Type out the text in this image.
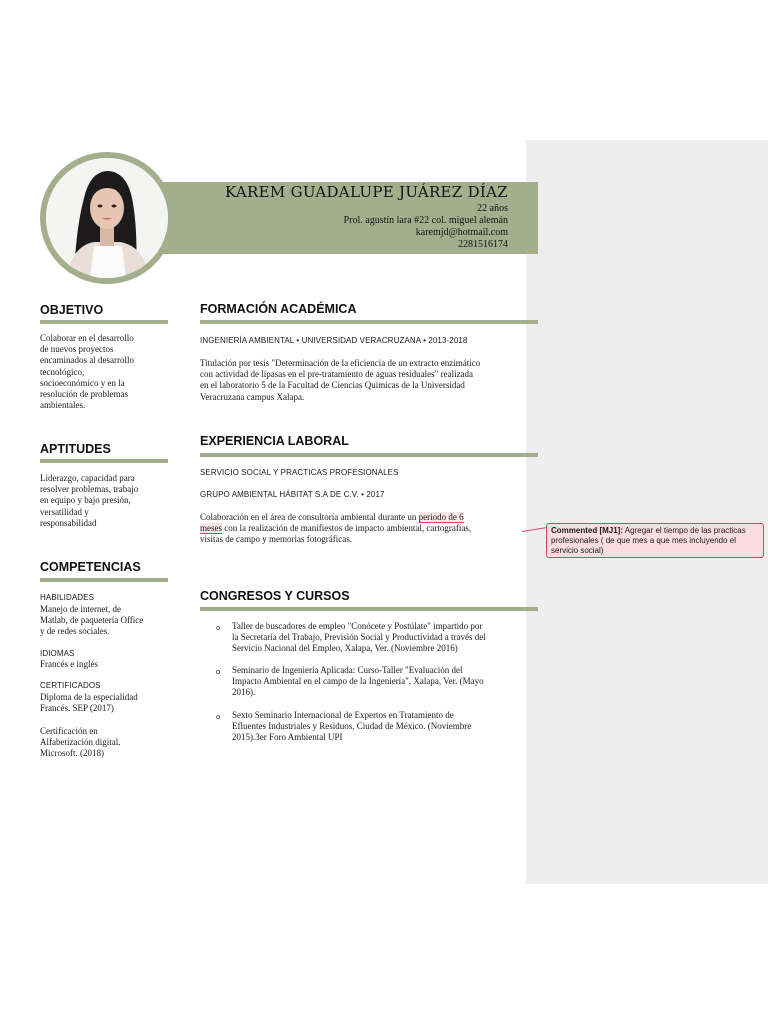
KAREM GUADALUPE JUÁREZ DÍAZ
22 años
Prol. agustín lara #22 col. miguel alemán
karemjd@hotmail.com
2281516174
OBJETIVO
Colaborar en el desarrollo
de nuevos proyectos
encaminados al desarrollo
tecnológico,
socioeconómico y en la
resolución de problemas
ambientales.
APTITUDES
Liderazgo, capacidad para
resolver problemas, trabajo
en equipo y bajo presión,
versatilidad y
responsabilidad
COMPETENCIAS
HABILIDADES
Manejo de internet, de
Matlab, de paquetería Office
y de redes sociales.
IDIOMAS
Francés e inglés
CERTIFICADOS
Diploma de la especialidad
Francés. SEP (2017)
Certificación en
Alfabetización digital.
Microsoft. (2018)
FORMACIÓN ACADÉMICA
INGENIERÍA AMBIENTAL • UNIVERSIDAD VERACRUZANA • 2013-2018
Titulación por tesis "Determinación de la eficiencia de un extracto enzimático
con actividad de lipasas en el pre-tratamiento de aguas residuales" realizada
en el laboratorio 5 de la Facultad de Ciencias Químicas de la Universidad
Veracruzana campus Xalapa.
EXPERIENCIA LABORAL
SERVICIO SOCIAL Y PRACTICAS PROFESIONALES
GRUPO AMBIENTAL HÁBITAT S.A DE C.V. • 2017
Colaboración en el área de consultoría ambiental durante un periodo de 6
meses con la realización de manifiestos de impacto ambiental, cartografías,
visitas de campo y memorias fotográficas.
CONGRESOS Y CURSOS
o Taller de buscadores de empleo "Conócete y Postúlate" impartido por
la Secretaría del Trabajo, Previsión Social y Productividad a través del
Servicio Nacional del Empleo, Xalapa, Ver. (Noviembre 2016)
o Seminario de Ingeniería Aplicada: Curso-Taller "Evaluación del
Impacto Ambiental en el campo de la Ingeniería", Xalapa, Ver. (Mayo
2016).
o Sexto Seminario Internacional de Expertos en Tratamiento de
Efluentes Industriales y Residuos, Ciudad de México. (Noviembre
2015).3er Foro Ambiental UPI
Commented [MJ1]: Agregar el tiempo de las practicas profesionales ( de que mes a que mes incluyendo el servicio social)
